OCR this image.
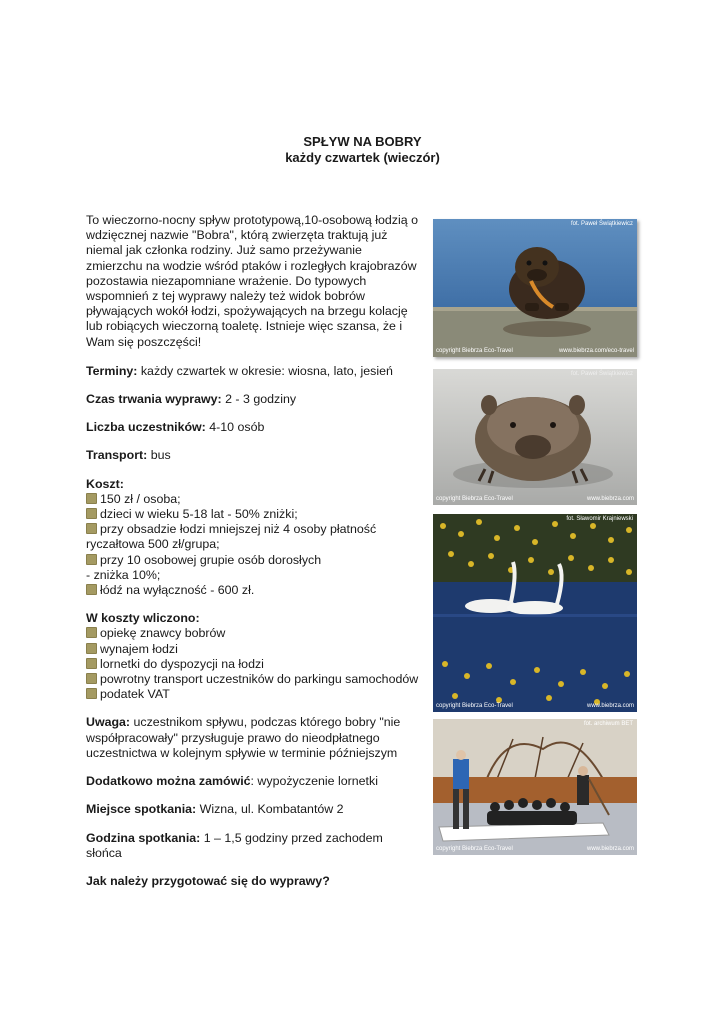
SPŁYW NA BOBRY
każdy czwartek (wieczór)

To wieczorno-nocny spływ prototypową,10-osobową łodzią o
wdzięcznej nazwie "Bobra", którą zwierzęta traktują już
niemal jak członka rodziny. Już samo przeżywanie
zmierzchu na wodzie wśród ptaków i rozległych krajobrazów
pozostawia niezapomniane wrażenie. Do typowych
wspomnień z tej wyprawy należy też widok bobrów
pływających wokół łodzi, spożywających na brzegu kolację
lub robiących wieczorną toaletę. Istnieje więc szansa, że i
Wam się poszczęści!

Terminy: każdy czwartek w okresie: wiosna, lato, jesień

Czas trwania wyprawy: 2 - 3 godziny

Liczba uczestników: 4-10 osób

Transport: bus

Koszt:
150 zł / osoba;
dzieci w wieku 5-18 lat - 50% zniżki;
przy obsadzie łodzi mniejszej niż 4 osoby płatność
ryczałtowa 500 zł/grupa;
przy 10 osobowej grupie osób dorosłych
- zniżka 10%;
łódź na wyłączność - 600 zł.
W koszty wliczono:
opiekę znawcy bobrów
wynajem łodzi
lornetki do dyspozycji na łodzi
powrotny transport uczestników do parkingu samochodów
podatek VAT

Uwaga: uczestnikom spływu, podczas którego bobry "nie
współpracowały" przysługuje prawo do nieodpłatnego
uczestnictwa w kolejnym spływie w terminie późniejszym

Dodatkowo można zamówić: wypożyczenie lornetki

Miejsce spotkania: Wizna, ul. Kombatantów 2

Godzina spotkania: 1 – 1,5 godziny przed zachodem
słońca

Jak należy przygotować się do wyprawy?

fot. Paweł Świątkiewicz
copyright Biebrza Eco-Travel	www.biebrza.com/eco-travel
fot. Paweł Świątkiewicz
copyright Biebrza Eco-Travel	www.biebrza.com
fot. Sławomir Krajniewski
copyright Biebrza Eco-Travel	www.biebrza.com
fot. archiwum BET
copyright Biebrza Eco-Travel	www.biebrza.com
